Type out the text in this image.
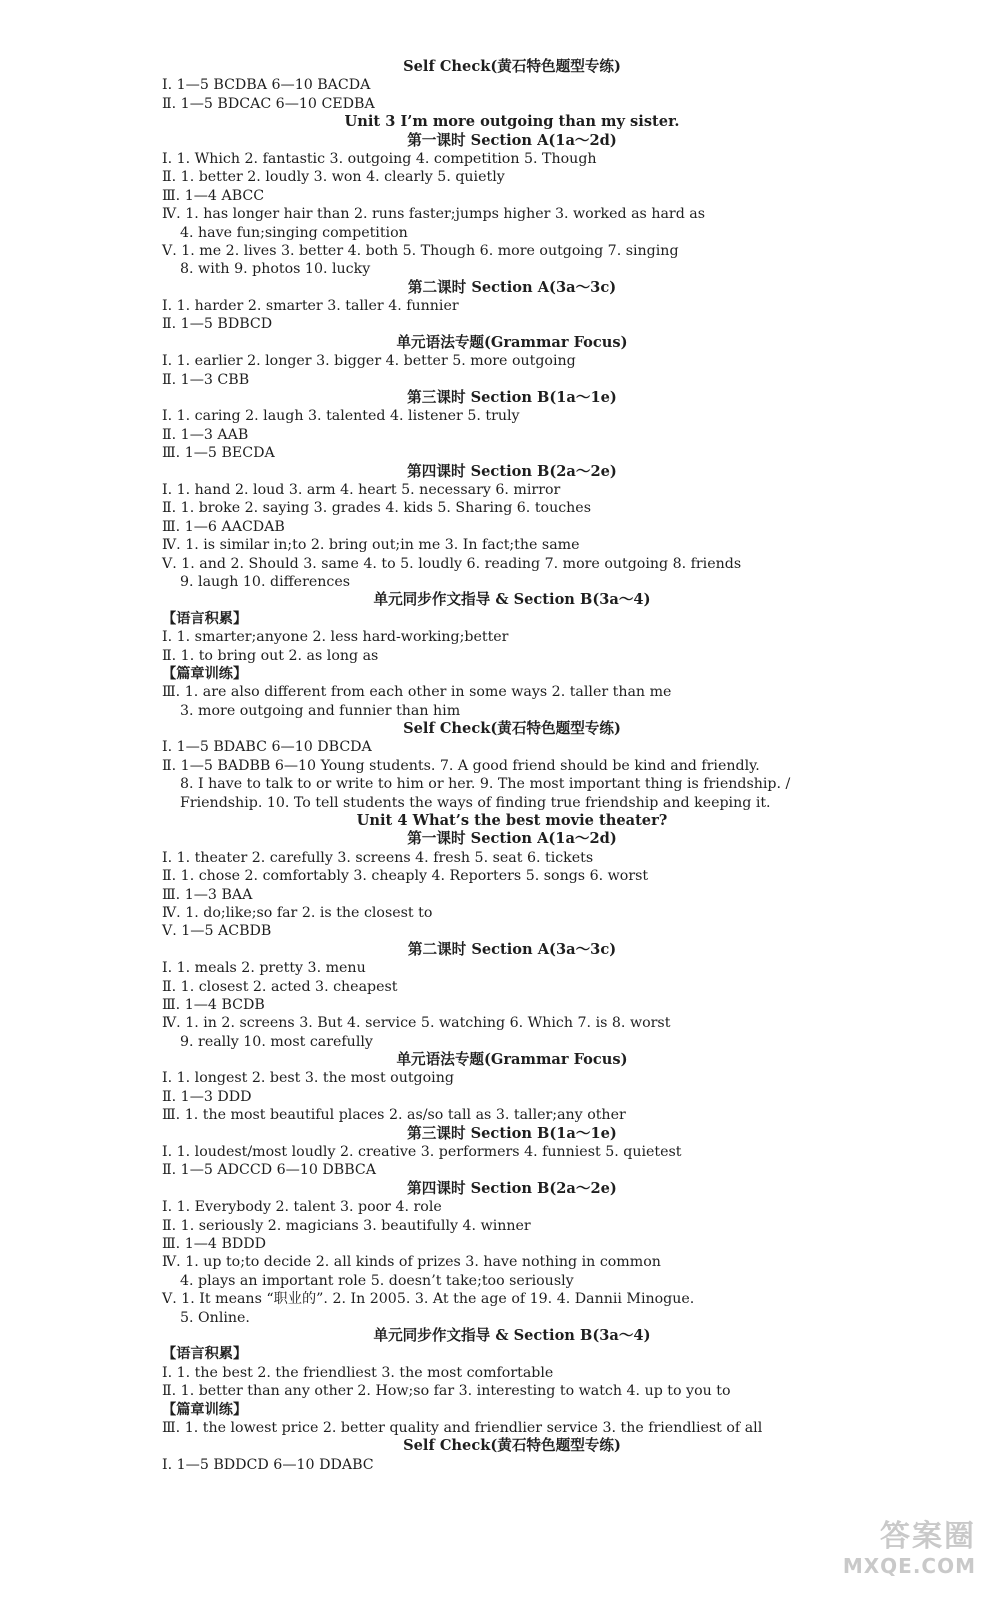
Self Check(黄石特色题型专练)
Ⅰ. 1—5 BCDBA 6—10 BACDA
Ⅱ. 1—5 BDCAC 6—10 CEDBA
Unit 3 I’m more outgoing than my sister.
第一课时 Section A(1a～2d)
Ⅰ. 1. Which 2. fantastic 3. outgoing 4. competition 5. Though
Ⅱ. 1. better 2. loudly 3. won 4. clearly 5. quietly
Ⅲ. 1—4 ABCC
Ⅳ. 1. has longer hair than 2. runs faster;jumps higher 3. worked as hard as
4. have fun;singing competition
Ⅴ. 1. me 2. lives 3. better 4. both 5. Though 6. more outgoing 7. singing
8. with 9. photos 10. lucky
第二课时 Section A(3a～3c)
Ⅰ. 1. harder 2. smarter 3. taller 4. funnier
Ⅱ. 1—5 BDBCD
单元语法专题(Grammar Focus)
Ⅰ. 1. earlier 2. longer 3. bigger 4. better 5. more outgoing
Ⅱ. 1—3 CBB
第三课时 Section B(1a～1e)
Ⅰ. 1. caring 2. laugh 3. talented 4. listener 5. truly
Ⅱ. 1—3 AAB
Ⅲ. 1—5 BECDA
第四课时 Section B(2a～2e)
Ⅰ. 1. hand 2. loud 3. arm 4. heart 5. necessary 6. mirror
Ⅱ. 1. broke 2. saying 3. grades 4. kids 5. Sharing 6. touches
Ⅲ. 1—6 AACDAB
Ⅳ. 1. is similar in;to 2. bring out;in me 3. In fact;the same
Ⅴ. 1. and 2. Should 3. same 4. to 5. loudly 6. reading 7. more outgoing 8. friends
9. laugh 10. differences
单元同步作文指导 & Section B(3a～4)
【语言积累】
Ⅰ. 1. smarter;anyone 2. less hard-working;better
Ⅱ. 1. to bring out 2. as long as
【篇章训练】
Ⅲ. 1. are also different from each other in some ways 2. taller than me
3. more outgoing and funnier than him
Self Check(黄石特色题型专练)
Ⅰ. 1—5 BDABC 6—10 DBCDA
Ⅱ. 1—5 BADBB 6—10 Young students. 7. A good friend should be kind and friendly.
8. I have to talk to or write to him or her. 9. The most important thing is friendship. /
Friendship. 10. To tell students the ways of finding true friendship and keeping it.
Unit 4 What’s the best movie theater?
第一课时 Section A(1a～2d)
Ⅰ. 1. theater 2. carefully 3. screens 4. fresh 5. seat 6. tickets
Ⅱ. 1. chose 2. comfortably 3. cheaply 4. Reporters 5. songs 6. worst
Ⅲ. 1—3 BAA
Ⅳ. 1. do;like;so far 2. is the closest to
Ⅴ. 1—5 ACBDB
第二课时 Section A(3a～3c)
Ⅰ. 1. meals 2. pretty 3. menu
Ⅱ. 1. closest 2. acted 3. cheapest
Ⅲ. 1—4 BCDB
Ⅳ. 1. in 2. screens 3. But 4. service 5. watching 6. Which 7. is 8. worst
9. really 10. most carefully
单元语法专题(Grammar Focus)
Ⅰ. 1. longest 2. best 3. the most outgoing
Ⅱ. 1—3 DDD
Ⅲ. 1. the most beautiful places 2. as/so tall as 3. taller;any other
第三课时 Section B(1a～1e)
Ⅰ. 1. loudest/most loudly 2. creative 3. performers 4. funniest 5. quietest
Ⅱ. 1—5 ADCCD 6—10 DBBCA
第四课时 Section B(2a～2e)
Ⅰ. 1. Everybody 2. talent 3. poor 4. role
Ⅱ. 1. seriously 2. magicians 3. beautifully 4. winner
Ⅲ. 1—4 BDDD
Ⅳ. 1. up to;to decide 2. all kinds of prizes 3. have nothing in common
4. plays an important role 5. doesn’t take;too seriously
Ⅴ. 1. It means “职业的”. 2. In 2005. 3. At the age of 19. 4. Dannii Minogue.
5. Online.
单元同步作文指导 & Section B(3a～4)
【语言积累】
Ⅰ. 1. the best 2. the friendliest 3. the most comfortable
Ⅱ. 1. better than any other 2. How;so far 3. interesting to watch 4. up to you to
【篇章训练】
Ⅲ. 1. the lowest price 2. better quality and friendlier service 3. the friendliest of all
Self Check(黄石特色题型专练)
Ⅰ. 1—5 BDDCD 6—10 DDABC
答案圈
MXQE.COM
